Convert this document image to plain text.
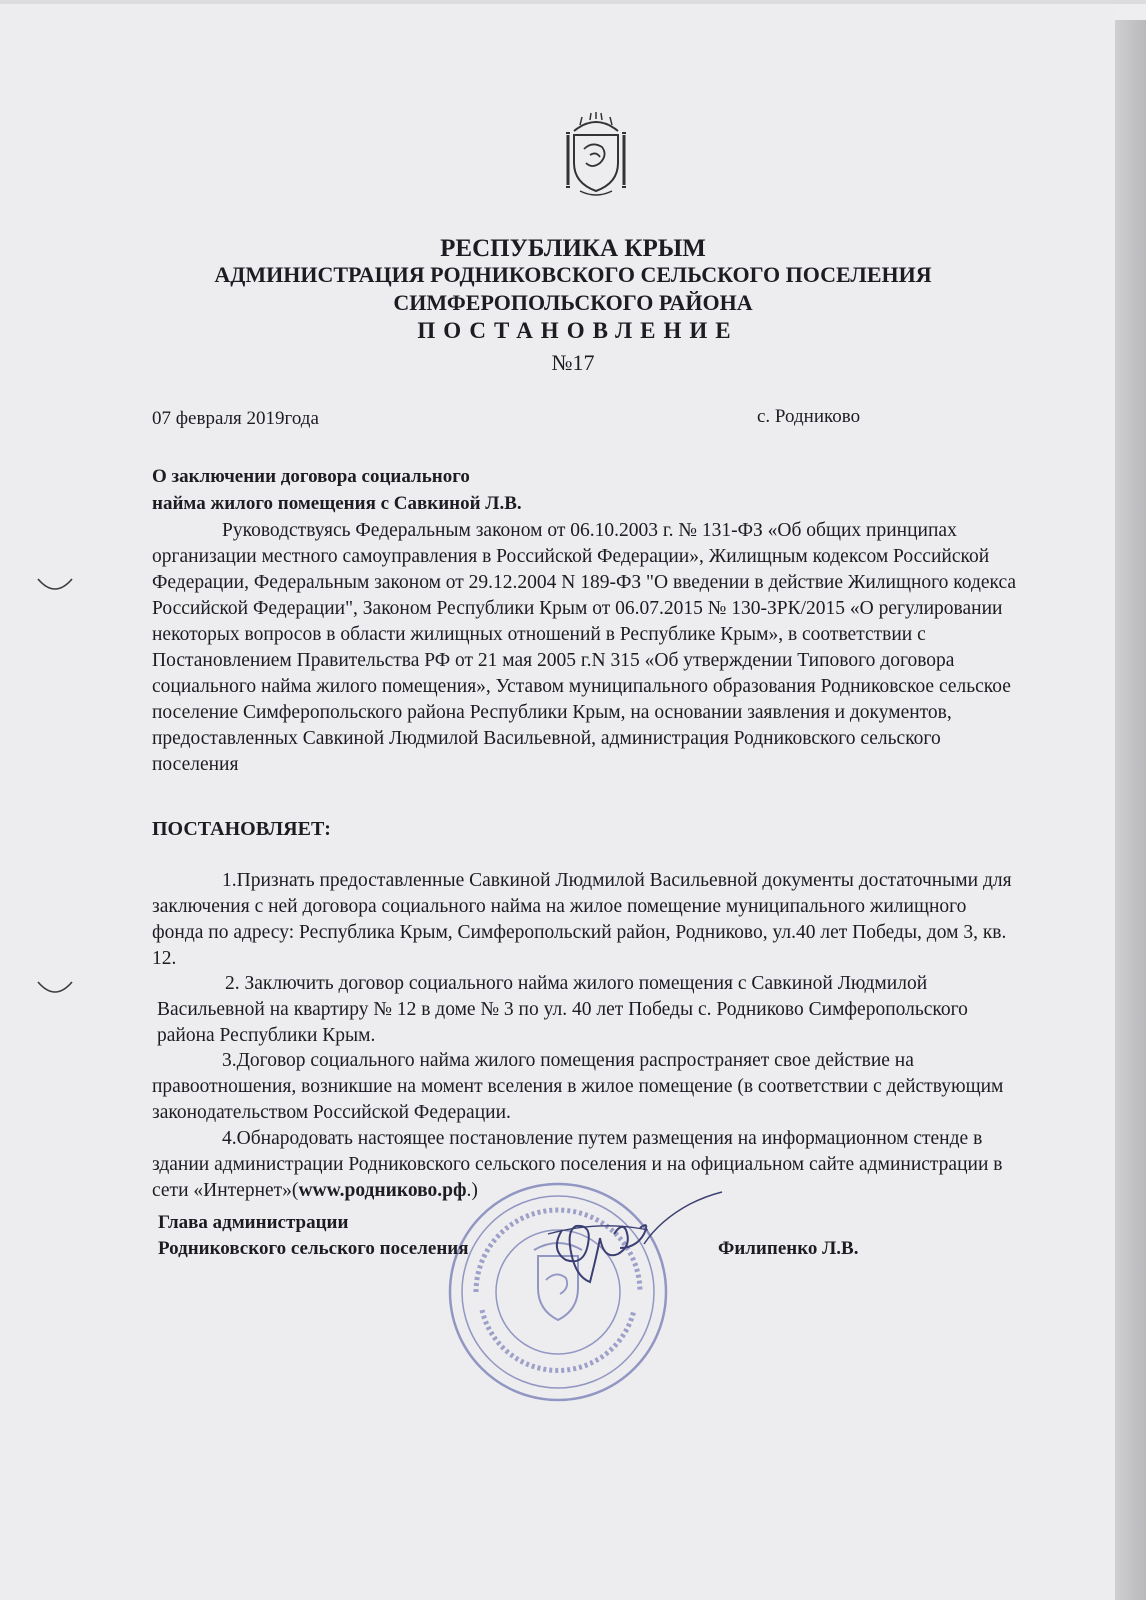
РЕСПУБЛИКА КРЫМ
АДМИНИСТРАЦИЯ РОДНИКОВСКОГО СЕЛЬСКОГО ПОСЕЛЕНИЯ
СИМФЕРОПОЛЬСКОГО РАЙОНА
ПОСТАНОВЛЕНИЕ
№17
07 февраля 2019года	с. Родниково
О заключении договора социального
найма жилого помещения с Савкиной Л.В.
Руководствуясь Федеральным законом от 06.10.2003 г. № 131-ФЗ «Об общих принципах организации местного самоуправления в Российской Федерации», Жилищным кодексом Российской Федерации, Федеральным законом от 29.12.2004 N 189-ФЗ "О введении в действие Жилищного кодекса Российской Федерации", Законом Республики Крым от 06.07.2015 № 130-ЗРК/2015 «О регулировании некоторых вопросов в области жилищных отношений в Республике Крым», в соответствии с Постановлением Правительства РФ от 21 мая 2005 г.N 315 «Об утверждении Типового договора социального найма жилого помещения», Уставом муниципального образования Родниковское сельское поселение Симферопольского района Республики Крым, на основании заявления и документов, предоставленных Савкиной Людмилой Васильевной, администрация Родниковского сельского поселения
ПОСТАНОВЛЯЕТ:
1.Признать предоставленные Савкиной Людмилой Васильевной документы достаточными для заключения с ней договора социального найма на жилое помещение муниципального жилищного фонда по адресу: Республика Крым, Симферопольский район, Родниково, ул.40 лет Победы, дом 3, кв. 12.
2. Заключить договор социального найма жилого помещения с Савкиной Людмилой Васильевной на квартиру № 12 в доме № 3 по ул. 40 лет Победы с. Родниково Симферопольского района Республики Крым.
3.Договор социального найма жилого помещения распространяет свое действие на правоотношения, возникшие на момент вселения в жилое помещение (в соответствии с действующим законодательством Российской Федерации.
4.Обнародовать настоящее постановление путем размещения на информационном стенде в здании администрации Родниковского сельского поселения и на официальном сайте администрации в сети «Интернет»(www.родниково.рф.)
Глава администрации
Родниковского сельского поселения	Филипенко Л.В.
